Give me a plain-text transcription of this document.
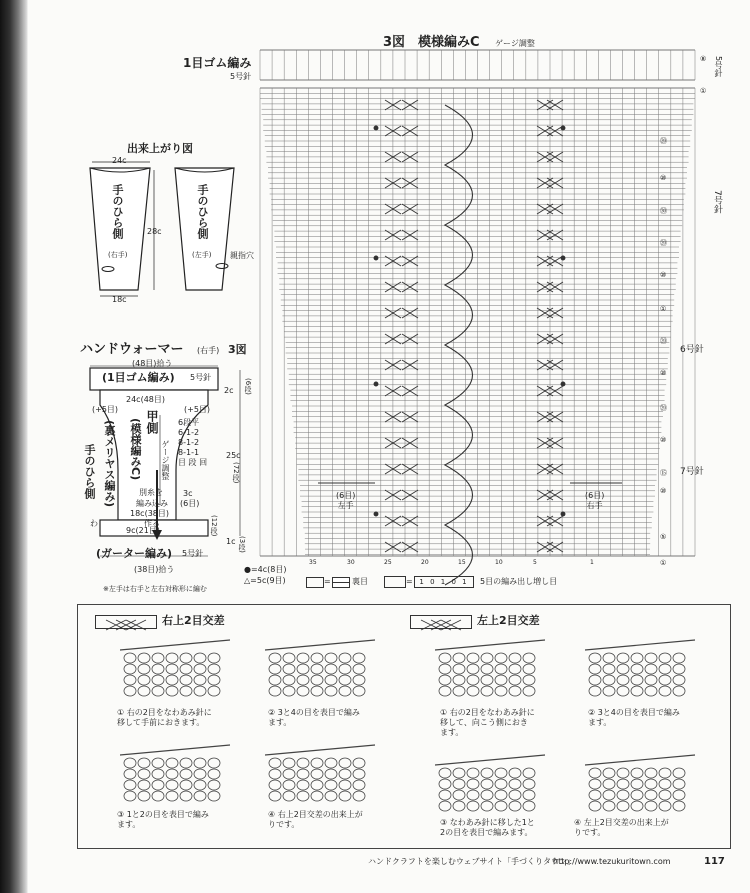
3図　模様編みC ゲージ調整
1目ゴム編み
5号針	5号針
7号針
6号針
7号針
(6目)
左手
(6目)
右手
35	30	25	20	15	10	5	1
⑧
①
⑳
⑩
㉚
⑳
⑩
①
⑳
⑩
⑳
⑩
⑮
⑩
⑤
①
=	裏目	= 1 0 1 0 1	5目の編み出し増し目
出来上がり図
24c
手のひら側	手のひら側
(右手)	(左手) 親指穴
28c
18c
ハンドウォーマー (右手) 3図
(48目)拾う
(1目ゴム編み) 5号針
2c (6段)
24c(48目)
(+5目)	(+5目)
甲側
(模様編みC) ゲージ調整
6段平
6-1-2
8-1-2
8-1-1
目 段 回
手のひら側 (裏メリヤス編み)	25c
(72段)
別糸を
編み込み
18c(38目)
作る
3c
(6目)
(12段)
9c(21目)
わ
1c (3段)
(ガーター編み) 5号針
(38目)拾う	●=4c(8目)
△=5c(9目)
※左手は右手と左右対称形に編む
右上2目交差	左上2目交差
① 右の2目をなわあみ針に
移して手前におきます。
② 3と4の目を表目で編み
ます。
③ 1と2の目を表目で編み
ます。
④ 右上2目交差の出来上が
りです。
① 右の2目をなわあみ針に
移して、向こう側におき
ます。
② 3と4の目を表目で編み
ます。
③ なわあみ針に移した1と
2の目を表目で編みます。
④ 左上2目交差の出来上が
りです。
ハンドクラフトを楽しむウェブサイト「手づくりタウン」
http://www.tezukuritown.com	117
